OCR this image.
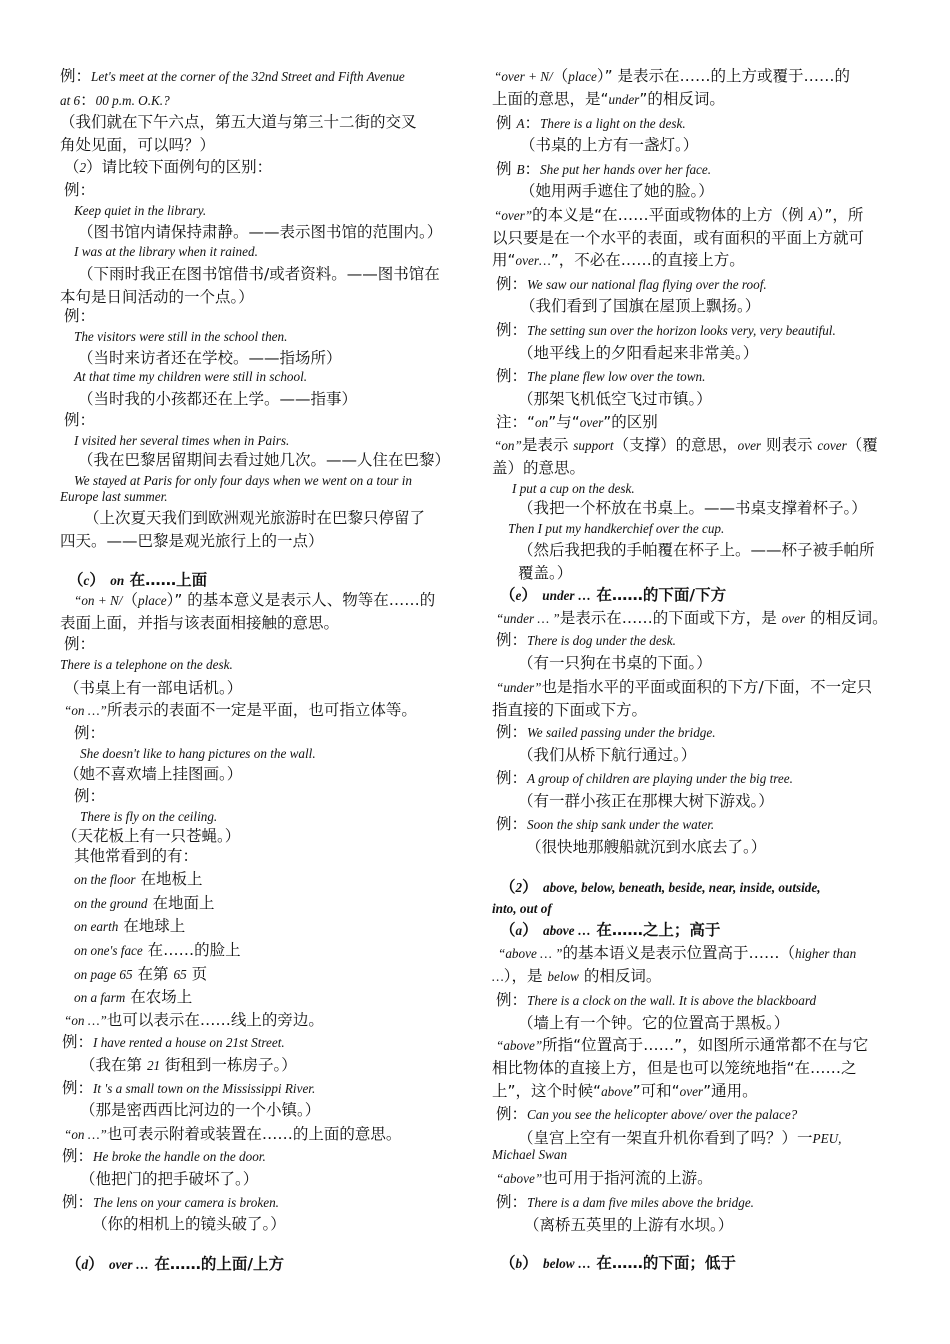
例：Let's meet at the corner of the 32nd Street and Fifth Avenue
at 6：00 p.m. O.K.?
（我们就在下午六点，第五大道与第三十二街的交叉
角处见面，可以吗？）
（2）请比较下面例句的区别：
例：
Keep quiet in the library.
（图书馆内请保持肃静。——表示图书馆的范围内。）
I was at the library when it rained.
（下雨时我正在图书馆借书/或者资料。——图书馆在
本句是日间活动的一个点。）
例：
The visitors were still in the school then.
（当时来访者还在学校。——指场所）
At that time my children were still in school.
（当时我的小孩都还在上学。——指事）
例：
I visited her several times when in Pairs.
（我在巴黎居留期间去看过她几次。——人住在巴黎）
We stayed at Paris for only four days when we went on a tour in
Europe last summer.
（上次夏天我们到欧洲观光旅游时在巴黎只停留了
四天。——巴黎是观光旅行上的一点）
（c） on 在……上面
“on + N/（place）” 的基本意义是表示人、物等在……的
表面上面，并指与该表面相接触的意思。
例：
There is a telephone on the desk.
（书桌上有一部电话机。）
“on …”所表示的表面不一定是平面，也可指立体等。
例：
She doesn't like to hang pictures on the wall.
（她不喜欢墙上挂图画。）
例：
There is fly on the ceiling.
（天花板上有一只苍蝇。）
其他常看到的有：
on the floor 在地板上
on the ground 在地面上
on earth 在地球上
on one's face 在……的脸上
on page 65 在第 65 页
on a farm 在农场上
“on …”也可以表示在……线上的旁边。
例：I have rented a house on 21st Street.
（我在第 21 街租到一栋房子。）
例：It 's a small town on the Mississippi River.
（那是密西西比河边的一个小镇。）
“on …”也可表示附着或装置在……的上面的意思。
例：He broke the handle on the door.
（他把门的把手破坏了。）
例：The lens on your camera is broken.
（你的相机上的镜头破了。）
（d） over … 在……的上面/上方
“over + N/（place）” 是表示在……的上方或覆于……的
上面的意思，是“under”的相反词。
例 A：There is a light on the desk.
（书桌的上方有一盏灯。）
例 B：She put her hands over her face.
（她用两手遮住了她的脸。）
“over”的本义是“在……平面或物体的上方（例 A）”，所
以只要是在一个水平的表面，或有面积的平面上方就可
用“over…”，不必在……的直接上方。
例：We saw our national flag flying over the roof.
（我们看到了国旗在屋顶上飘扬。）
例：The setting sun over the horizon looks very, very beautiful.
（地平线上的夕阳看起来非常美。）
例：The plane flew low over the town.
（那架飞机低空飞过市镇。）
注：“on”与“over”的区别
“on”是表示 support（支撑）的意思，over 则表示 cover（覆
盖）的意思。
I put a cup on the desk.
（我把一个杯放在书桌上。——书桌支撑着杯子。）
Then I put my handkerchief over the cup.
（然后我把我的手帕覆在杯子上。——杯子被手帕所
覆盖。）
（e） under … 在……的下面/下方
“under … ”是表示在……的下面或下方，是 over 的相反词。
例：There is dog under the desk.
（有一只狗在书桌的下面。）
“under”也是指水平的平面或面积的下方/下面，不一定只
指直接的下面或下方。
例：We sailed passing under the bridge.
（我们从桥下航行通过。）
例：A group of children are playing under the big tree.
（有一群小孩正在那棵大树下游戏。）
例：Soon the ship sank under the water.
（很快地那艘船就沉到水底去了。）
（2） above, below, beneath, beside, near, inside, outside,
into, out of
（a） above … 在……之上；高于
“above … ”的基本语义是表示位置高于……（higher than
…），是 below 的相反词。
例：There is a clock on the wall. It is above the blackboard
（墙上有一个钟。它的位置高于黑板。）
“above”所指“位置高于……”，如图所示通常都不在与它
相比物体的直接上方，但是也可以笼统地指“在……之
上”，这个时候“above”可和“over”通用。
例：Can you see the helicopter above/ over the palace?
（皇宫上空有一架直升机你看到了吗？）一PEU,
Michael Swan
“above”也可用于指河流的上游。
例：There is a dam five miles above the bridge.
（离桥五英里的上游有水坝。）
（b） below … 在……的下面；低于
